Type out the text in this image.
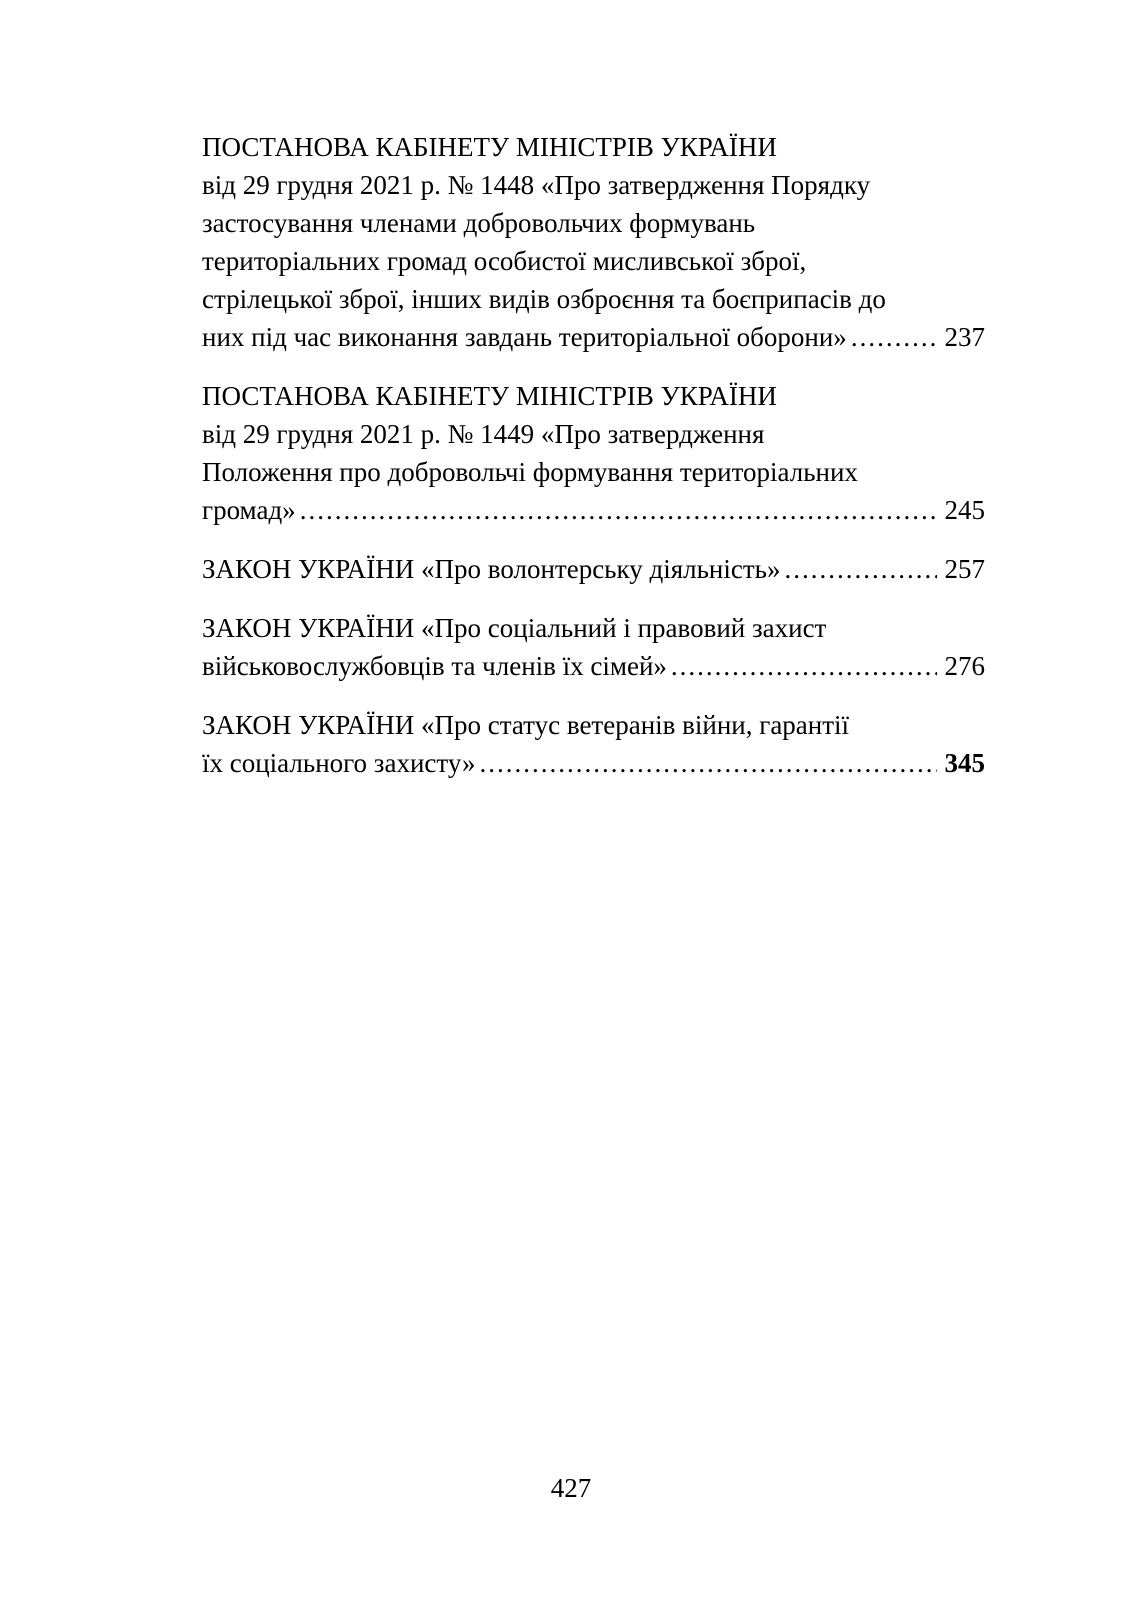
ПОСТАНОВА КАБІНЕТУ МІНІСТРІВ УКРАЇНИ
від 29 грудня 2021 р. № 1448 «Про затвердження Порядку
застосування членами добровольчих формувань
територіальних громад особистої мисливської зброї,
стрілецької зброї, інших видів озброєння та боєприпасів до
них під час виконання завдань територіальної оборони» .....	237
ПОСТАНОВА КАБІНЕТУ МІНІСТРІВ УКРАЇНИ
від 29 грудня 2021 р. № 1449 «Про затвердження
Положення про добровольчі формування територіальних
громад» .....	245
ЗАКОН УКРАЇНИ «Про волонтерську діяльність» .....	257
ЗАКОН УКРАЇНИ «Про соціальний і правовий захист
військовослужбовців та членів їх сімей» .....	276
ЗАКОН УКРАЇНИ «Про статус ветеранів війни, гарантії
їх соціального захисту» .....	345
427
